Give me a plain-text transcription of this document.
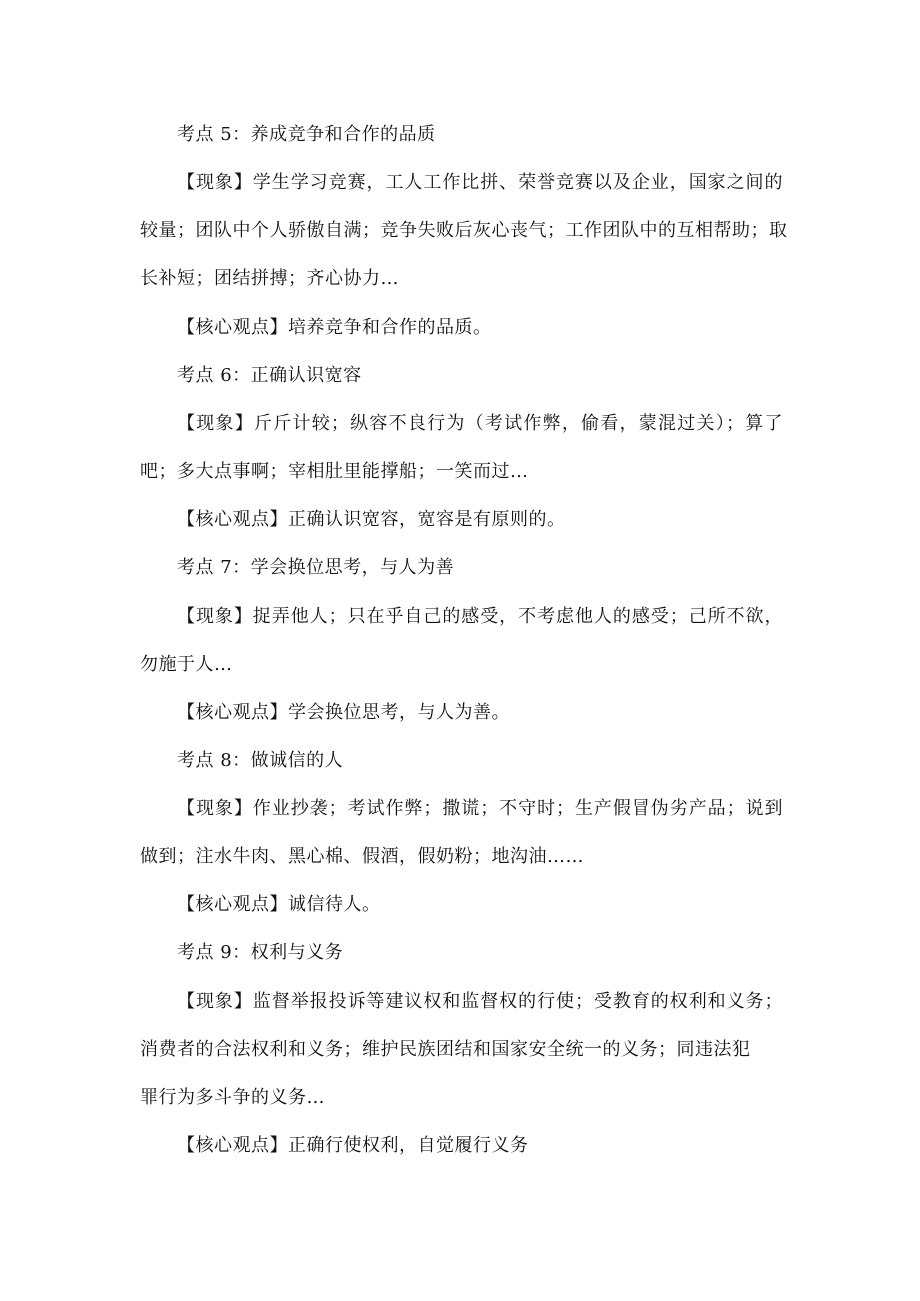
考点 5：养成竞争和合作的品质
【现象】学生学习竞赛，工人工作比拼、荣誉竞赛以及企业，国家之间的
较量；团队中个人骄傲自满；竞争失败后灰心丧气；工作团队中的互相帮助；取
长补短；团结拼搏；齐心协力…
【核心观点】培养竞争和合作的品质。
考点 6：正确认识宽容
【现象】斤斤计较；纵容不良行为（考试作弊，偷看，蒙混过关）；算了
吧；多大点事啊；宰相肚里能撑船；一笑而过…
【核心观点】正确认识宽容，宽容是有原则的。
考点 7：学会换位思考，与人为善
【现象】捉弄他人；只在乎自己的感受，不考虑他人的感受；己所不欲，
勿施于人…
【核心观点】学会换位思考，与人为善。
考点 8：做诚信的人
【现象】作业抄袭；考试作弊；撒谎；不守时；生产假冒伪劣产品；说到
做到；注水牛肉、黑心棉、假酒，假奶粉；地沟油……
【核心观点】诚信待人。
考点 9：权利与义务
【现象】监督举报投诉等建议权和监督权的行使；受教育的权利和义务；
消费者的合法权利和义务；维护民族团结和国家安全统一的义务；同违法犯
罪行为多斗争的义务…
【核心观点】正确行使权利，自觉履行义务
